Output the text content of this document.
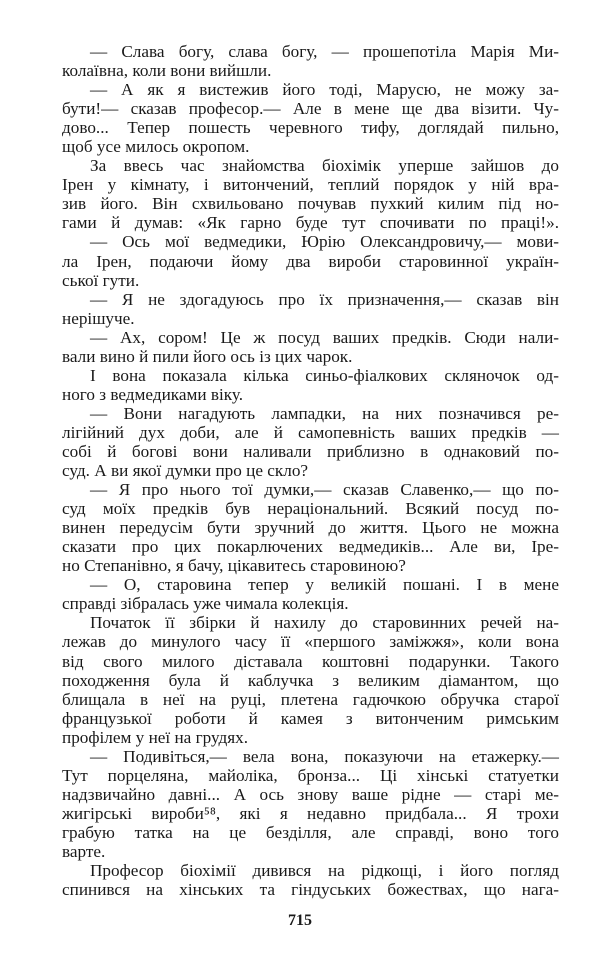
— Слава богу, слава богу, — прошепотіла Марія Ми-
колаївна, коли вони вийшли.
— А як я вистежив його тоді, Марусю, не можу за-
бути!— сказав професор.— Але в мене ще два візити. Чу-
дово... Тепер пошесть черевного тифу, доглядай пильно,
щоб усе милось окропом.
За ввесь час знайомства біохімік уперше зайшов до
Ірен у кімнату, і витончений, теплий порядок у ній вра-
зив його. Він схвильовано почував пухкий килим під но-
гами й думав: «Як гарно буде тут спочивати по праці!».
— Ось мої ведмедики, Юрію Олександровичу,— мови-
ла Ірен, подаючи йому два вироби старовинної україн-
ської гути.
— Я не здогадуюсь про їх призначення,— сказав він
нерішуче.
— Ах, сором! Це ж посуд ваших предків. Сюди нали-
вали вино й пили його ось із цих чарок.
І вона показала кілька синьо-фіалкових скляночок од-
ного з ведмедиками віку.
— Вони нагадують лампадки, на них позначився ре-
лігійний дух доби, але й самопевність ваших предків —
собі й богові вони наливали приблизно в однаковий по-
суд. А ви якої думки про це скло?
— Я про нього тої думки,— сказав Славенко,— що по-
суд моїх предків був нераціональний. Всякий посуд по-
винен передусім бути зручний до життя. Цього не можна
сказати про цих покарлючених ведмедиків... Але ви, Іре-
но Степанівно, я бачу, цікавитесь старовиною?
— О, старовина тепер у великій пошані. І в мене
справді зібралась уже чимала колекція.
Початок її збірки й нахилу до старовинних речей на-
лежав до минулого часу її «першого заміжжя», коли вона
від свого милого діставала коштовні подарунки. Такого
походження була й каблучка з великим діамантом, що
блищала в неї на руці, плетена гадючкою обручка старої
французької роботи й камея з витонченим римським
профілем у неї на грудях.
— Подивіться,— вела вона, показуючи на етажерку.—
Тут порцеляна, майоліка, бронза... Ці хінські статуетки
надзвичайно давні... А ось знову ваше рідне — старі ме-
жигірські вироби⁵⁸, які я недавно придбала... Я трохи
грабую татка на це безділля, але справді, воно того
варте.
Професор біохімії дивився на рідкощі, і його погляд
спинився на хінських та гіндуських божествах, що нага-
715
